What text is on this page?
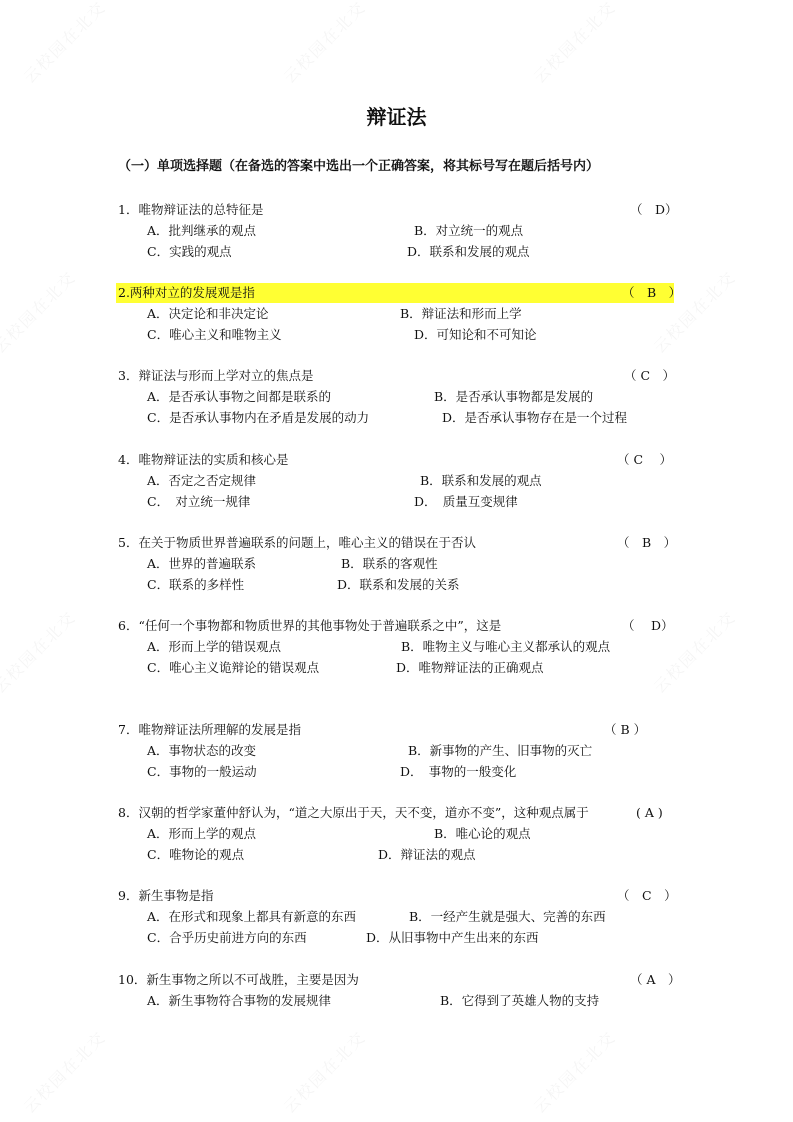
辩证法
（一）单项选择题（在备选的答案中选出一个正确答案，将其标号写在题后括号内）
1．唯物辩证法的总特征是	（　D）
A．批判继承的观点	B．对立统一的观点
C．实践的观点	D．联系和发展的观点
2.两种对立的发展观是指	（　B　）
A．决定论和非决定论	B．辩证法和形而上学
C．唯心主义和唯物主义	D．可知论和不可知论
3．辩证法与形而上学对立的焦点是	（ C　）
A．是否承认事物之间都是联系的	B．是否承认事物都是发展的
C．是否承认事物内在矛盾是发展的动力	D．是否承认事物存在是一个过程
4．唯物辩证法的实质和核心是	（ C　 ）
A．否定之否定规律	B．联系和发展的观点
C．　对立统一规律	D．　质量互变规律
5．在关于物质世界普遍联系的问题上，唯心主义的错误在于否认	（　B　）
A．世界的普遍联系	B．联系的客观性
C．联系的多样性	D．联系和发展的关系
6．“任何一个事物都和物质世界的其他事物处于普遍联系之中”，这是	（　 D）
A．形而上学的错误观点	B．唯物主义与唯心主义都承认的观点
C．唯心主义诡辩论的错误观点	D．唯物辩证法的正确观点
7．唯物辩证法所理解的发展是指	（ B ）
A．事物状态的改变	B．新事物的产生、旧事物的灭亡
C．事物的一般运动	D．　事物的一般变化
8．汉朝的哲学家董仲舒认为，“道之大原出于天，天不变，道亦不变”，这种观点属于	( A )
A．形而上学的观点	B．唯心论的观点
C．唯物论的观点	D．辩证法的观点
9．新生事物是指	（　C　）
A．在形式和现象上都具有新意的东西	B．一经产生就是强大、完善的东西
C．合乎历史前进方向的东西	D．从旧事物中产生出来的东西
10．新生事物之所以不可战胜，主要是因为	（ A　）
A．新生事物符合事物的发展规律	B．它得到了英雄人物的支持
